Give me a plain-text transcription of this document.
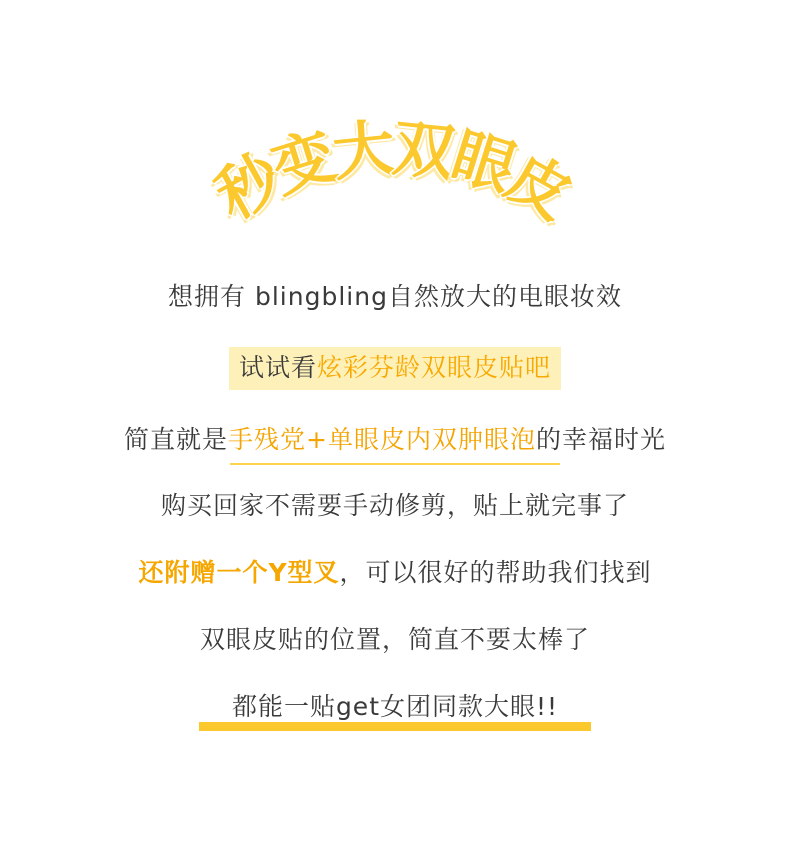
秒
变
大
双
眼
皮
想拥有 blingbling自然放大的电眼妆效
试试看炫彩芬龄双眼皮贴吧
简直就是手残党+单眼皮内双肿眼泡的幸福时光
购买回家不需要手动修剪，贴上就完事了
还附赠一个Y型叉，可以很好的帮助我们找到
双眼皮贴的位置，简直不要太棒了
都能一贴get女团同款大眼!!
